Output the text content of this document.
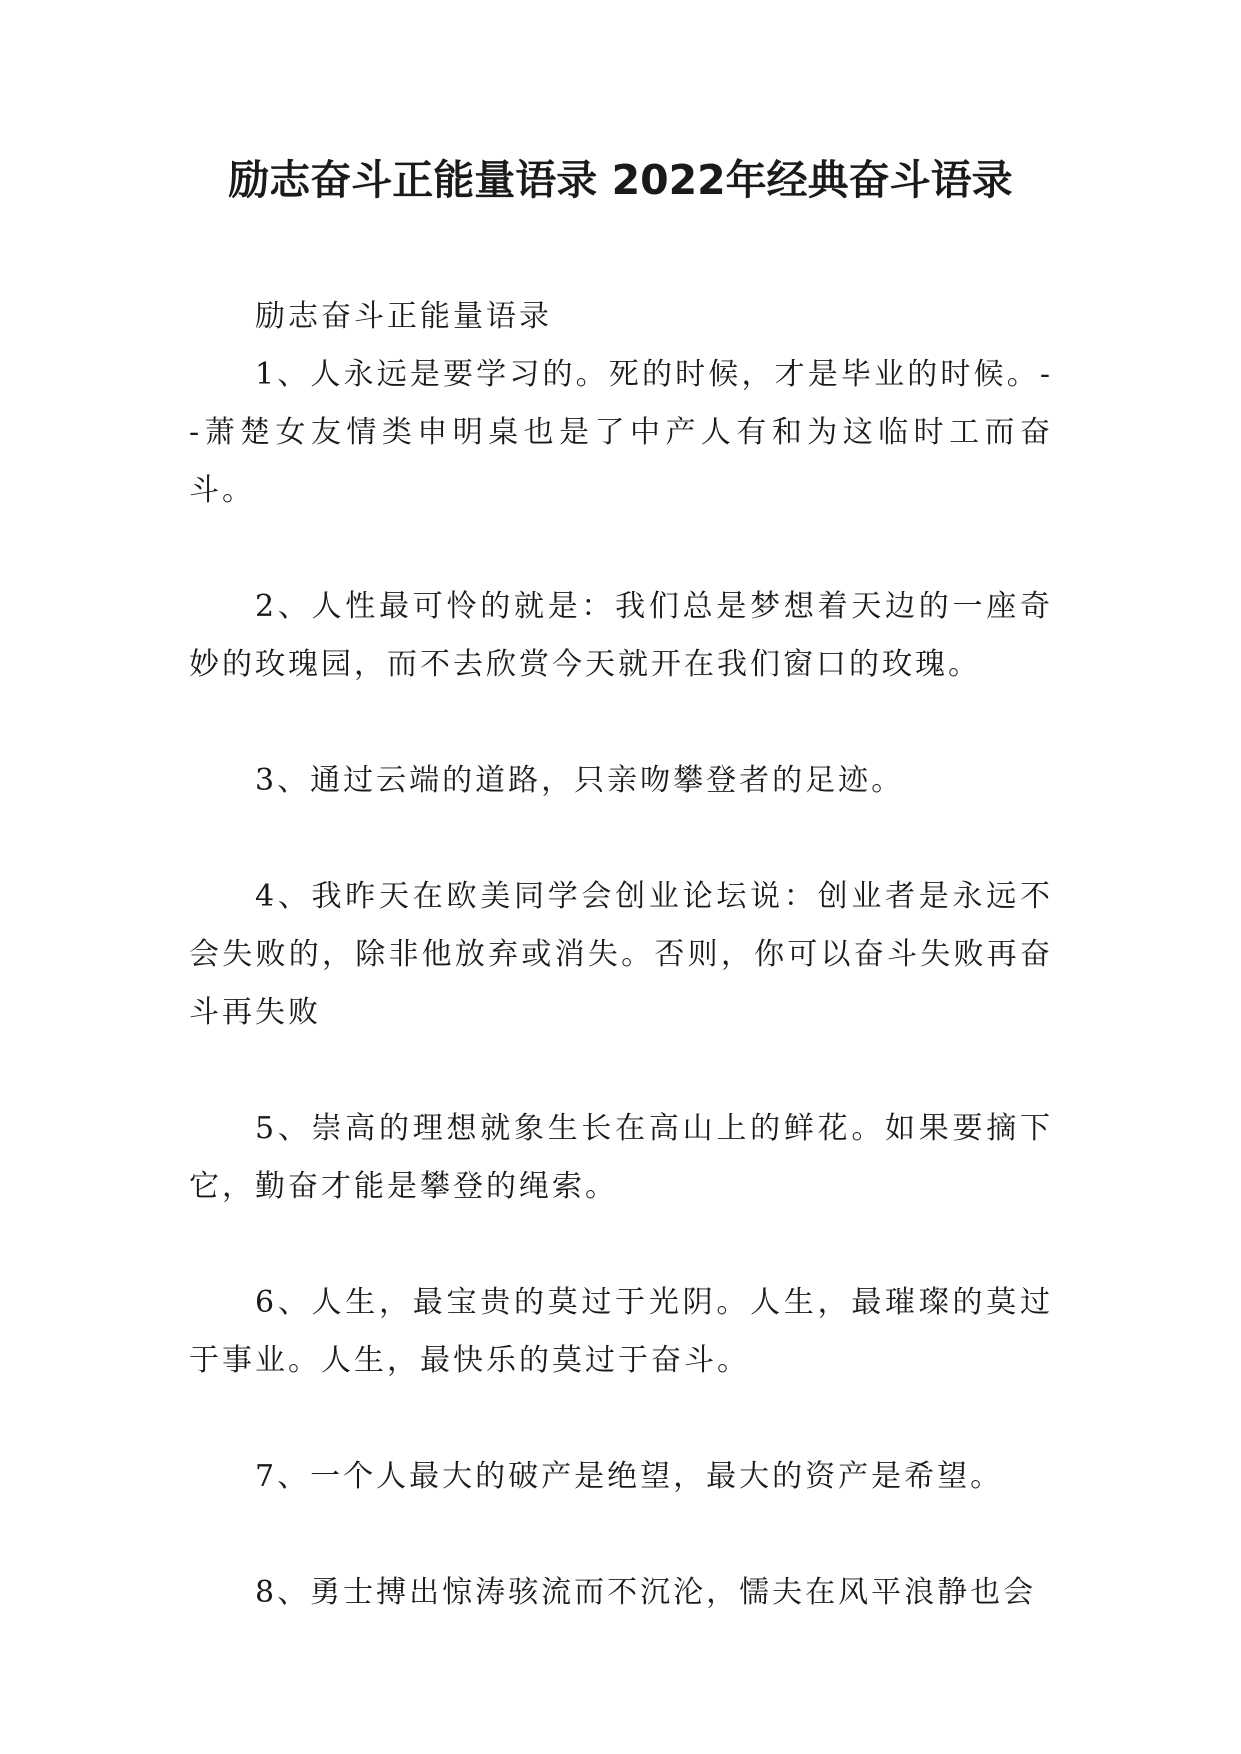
励志奋斗正能量语录 2022年经典奋斗语录

励志奋斗正能量语录

1、人永远是要学习的。死的时候，才是毕业的时候。--萧楚女友情类申明桌也是了中产人有和为这临时工而奋斗。

2、人性最可怜的就是：我们总是梦想着天边的一座奇妙的玫瑰园，而不去欣赏今天就开在我们窗口的玫瑰。

3、通过云端的道路，只亲吻攀登者的足迹。

4、我昨天在欧美同学会创业论坛说：创业者是永远不会失败的，除非他放弃或消失。否则，你可以奋斗失败再奋斗再失败

5、崇高的理想就象生长在高山上的鲜花。如果要摘下它，勤奋才能是攀登的绳索。

6、人生，最宝贵的莫过于光阴。人生，最璀璨的莫过于事业。人生，最快乐的莫过于奋斗。

7、一个人最大的破产是绝望，最大的资产是希望。

8、勇士搏出惊涛骇流而不沉沦，懦夫在风平浪静也会
